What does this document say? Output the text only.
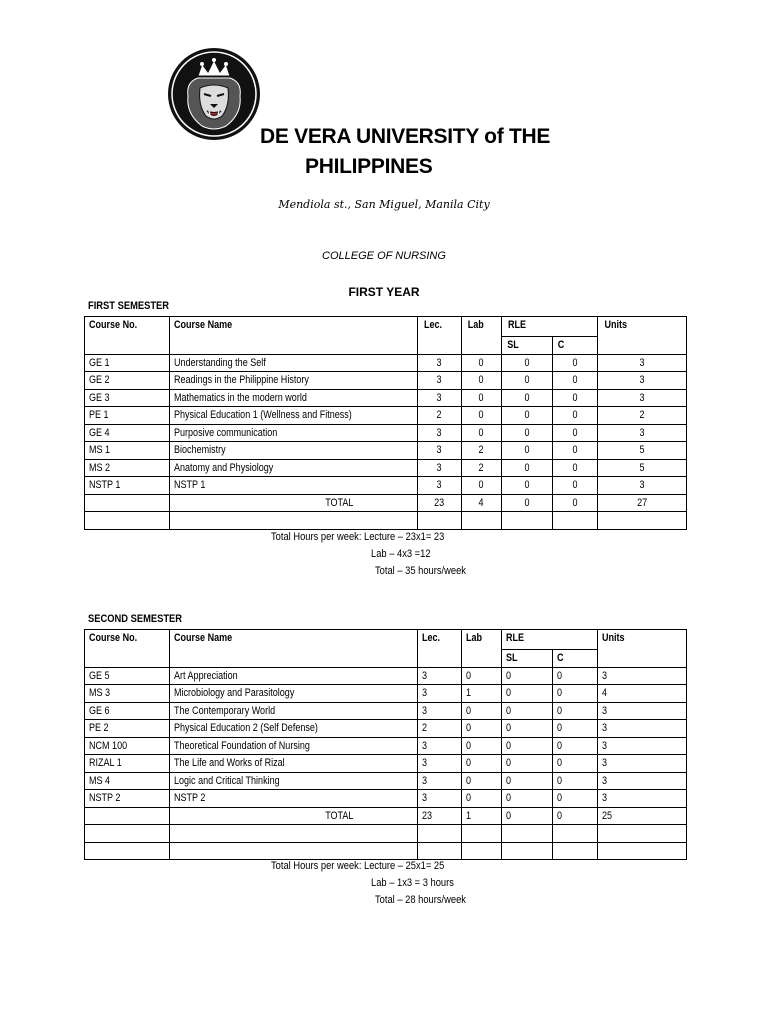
DE VERA UNIVERSITY of THE
PHILIPPINES
Mendiola st., San Miguel, Manila City
COLLEGE OF NURSING
FIRST YEAR
FIRST SEMESTER
Course No.	Course Name	Lec.	Lab	RLE		Units
				SL	C	
GE 1	Understanding the Self	3	0	0	0	3
GE 2	Readings in the Philippine History	3	0	0	0	3
GE 3	Mathematics in the modern world	3	0	0	0	3
PE 1	Physical Education 1 (Wellness and Fitness)	2	0	0	0	2
GE 4	Purposive communication	3	0	0	0	3
MS 1	Biochemistry	3	2	0	0	5
MS 2	Anatomy and Physiology	3	2	0	0	5
NSTP 1	NSTP 1	3	0	0	0	3
	TOTAL	23	4	0	0	27

Total Hours per week: Lecture – 23x1= 23
Lab – 4x3 =12
Total – 35 hours/week
SECOND SEMESTER
Course No.	Course Name	Lec.	Lab	RLE		Units
				SL	C	
GE 5	Art Appreciation	3	0	0	0	3
MS 3	Microbiology and Parasitology	3	1	0	0	4
GE 6	The Contemporary World	3	0	0	0	3
PE 2	Physical Education 2 (Self Defense)	2	0	0	0	3
NCM 100	Theoretical Foundation of Nursing	3	0	0	0	3
RIZAL 1	The Life and Works of Rizal	3	0	0	0	3
MS 4	Logic and Critical Thinking	3	0	0	0	3
NSTP 2	NSTP 2	3	0	0	0	3
	TOTAL	23	1	0	0	25

Total Hours per week: Lecture – 25x1= 25
Lab – 1x3 = 3 hours
Total – 28 hours/week
